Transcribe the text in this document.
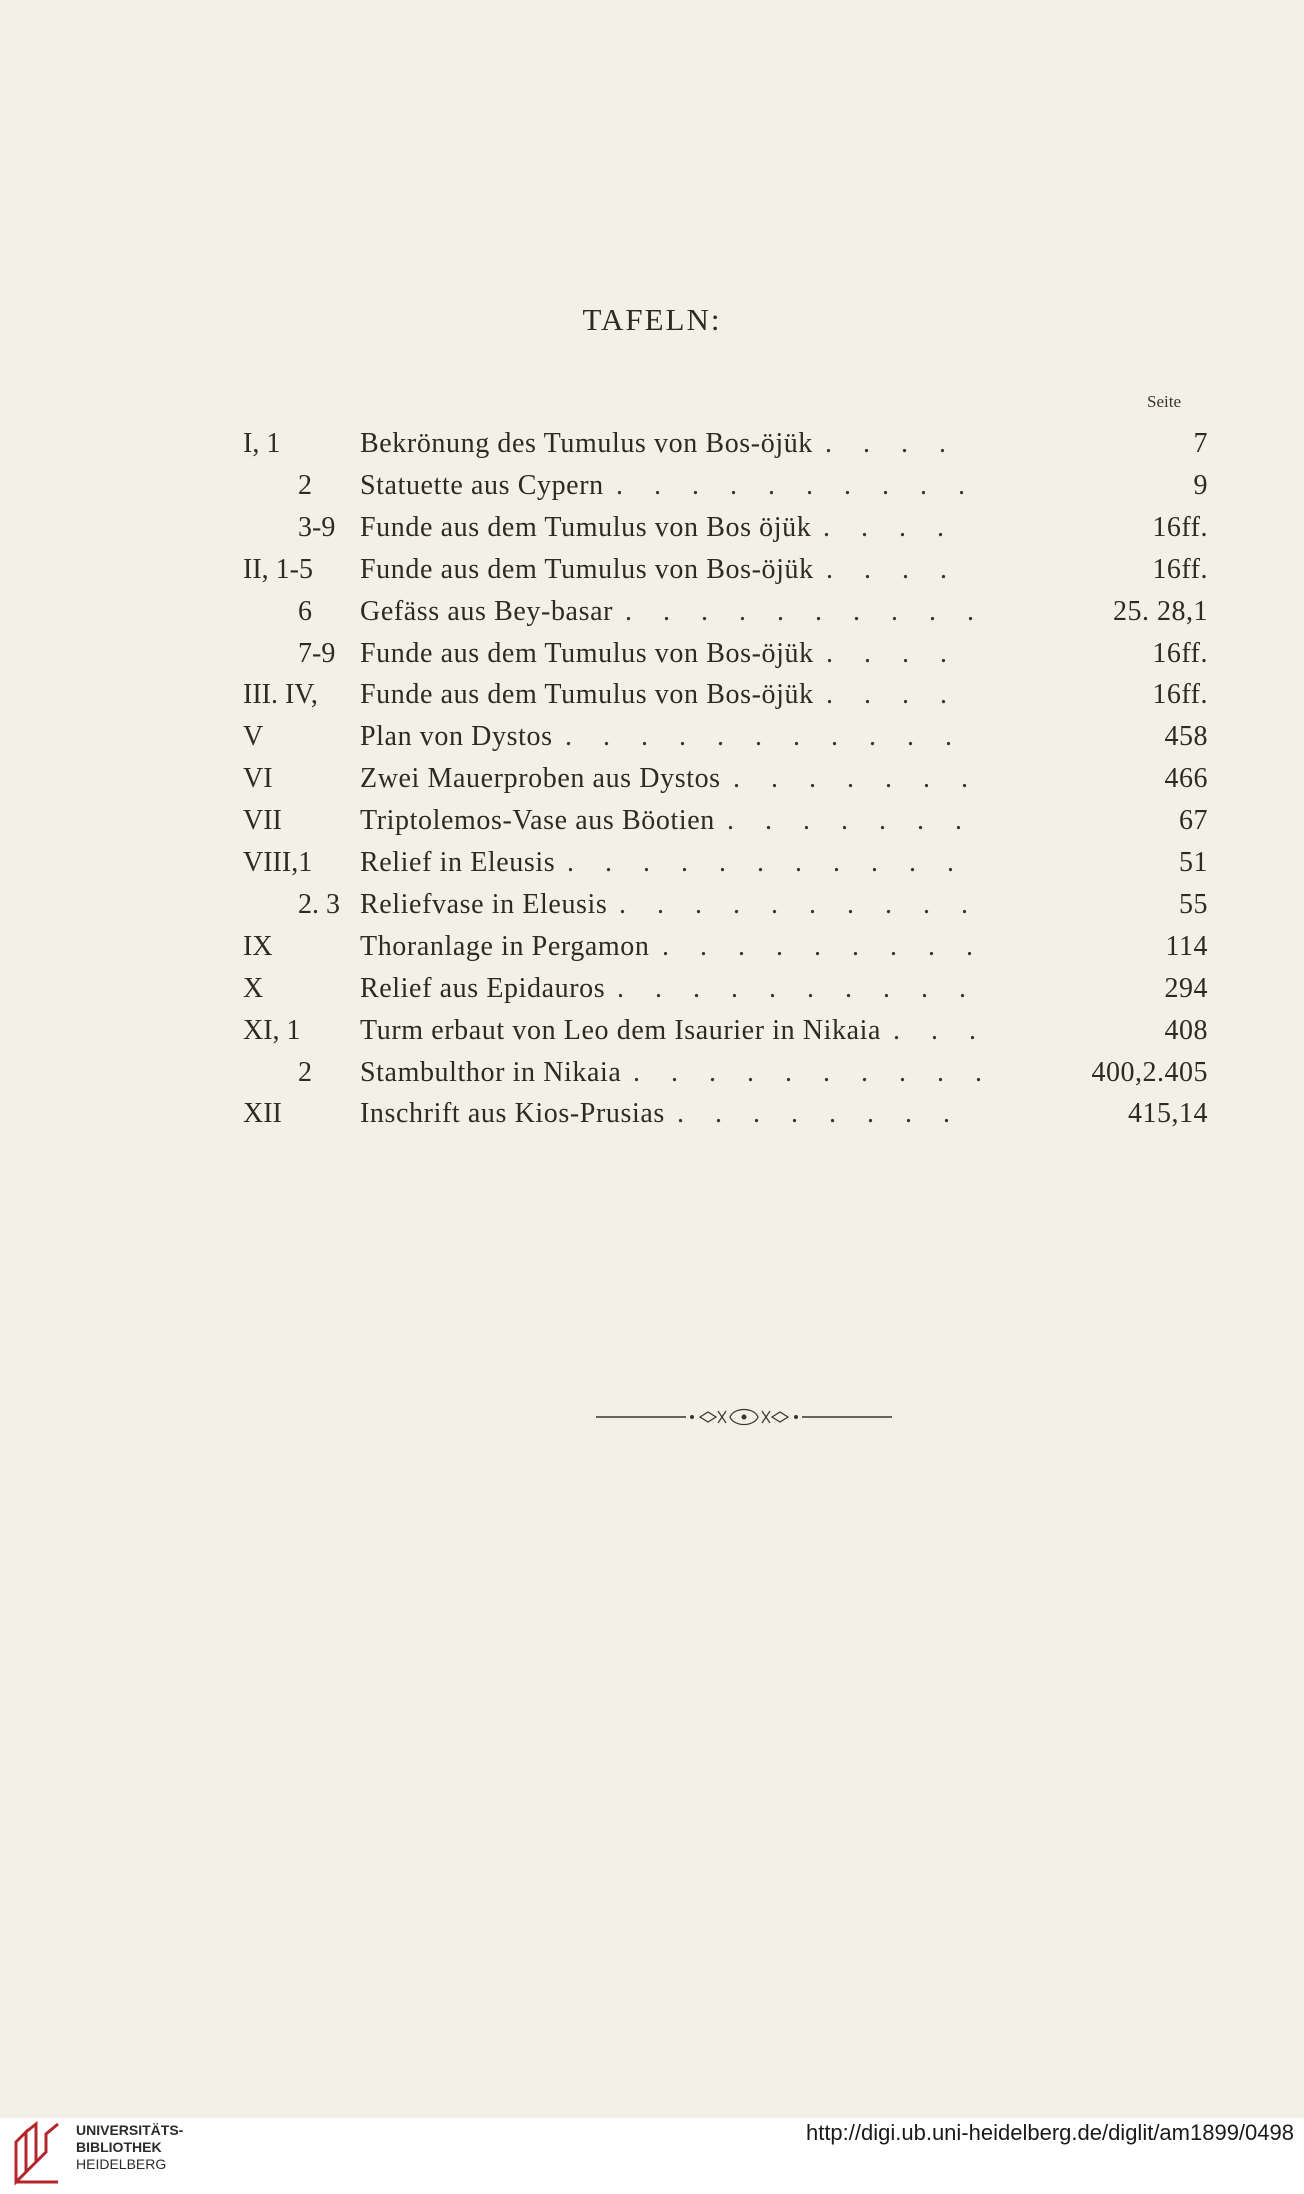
TAFELN:
Seite
I, 1	Bekrönung des Tumulus von Bos-öjük . . . .	7
2 Statuette aus Cypern . . . . . . . . . .	9
3-9 Funde aus dem Tumulus von Bos öjük . . . .	16ff.
II, 1-5 Funde aus dem Tumulus von Bos-öjük . . . .	16ff.
6 Gefäss aus Bey-basar . . . . . . . . . .	25. 28,1
7-9 Funde aus dem Tumulus von Bos-öjük . . . .	16ff.
III. IV, Funde aus dem Tumulus von Bos-öjük . . . .	16ff.
V	Plan von Dystos . . . . . . . . . . .	458
VI	Zwei Mauerproben aus Dystos . . . . . . .	466
VII	Triptolemos-Vase aus Böotien . . . . . . .	67
VIII,1 Relief in Eleusis . . . . . . . . . . .	51
2. 3 Reliefvase in Eleusis . . . . . . . . . .	55
IX	Thoranlage in Pergamon . . . . . . . . .	114
X	Relief aus Epidauros . . . . . . . . . .	294
XI, 1 Turm erbaut von Leo dem Isaurier in Nikaia . . .	408
2 Stambulthor in Nikaia . . . . . . . . . .	400,2.405
XII	Inschrift aus Kios-Prusias . . . . . . . .	415,14
UNIVERSITÄTS-
BIBLIOTHEK
HEIDELBERG
http://digi.ub.uni-heidelberg.de/diglit/am1899/0498
